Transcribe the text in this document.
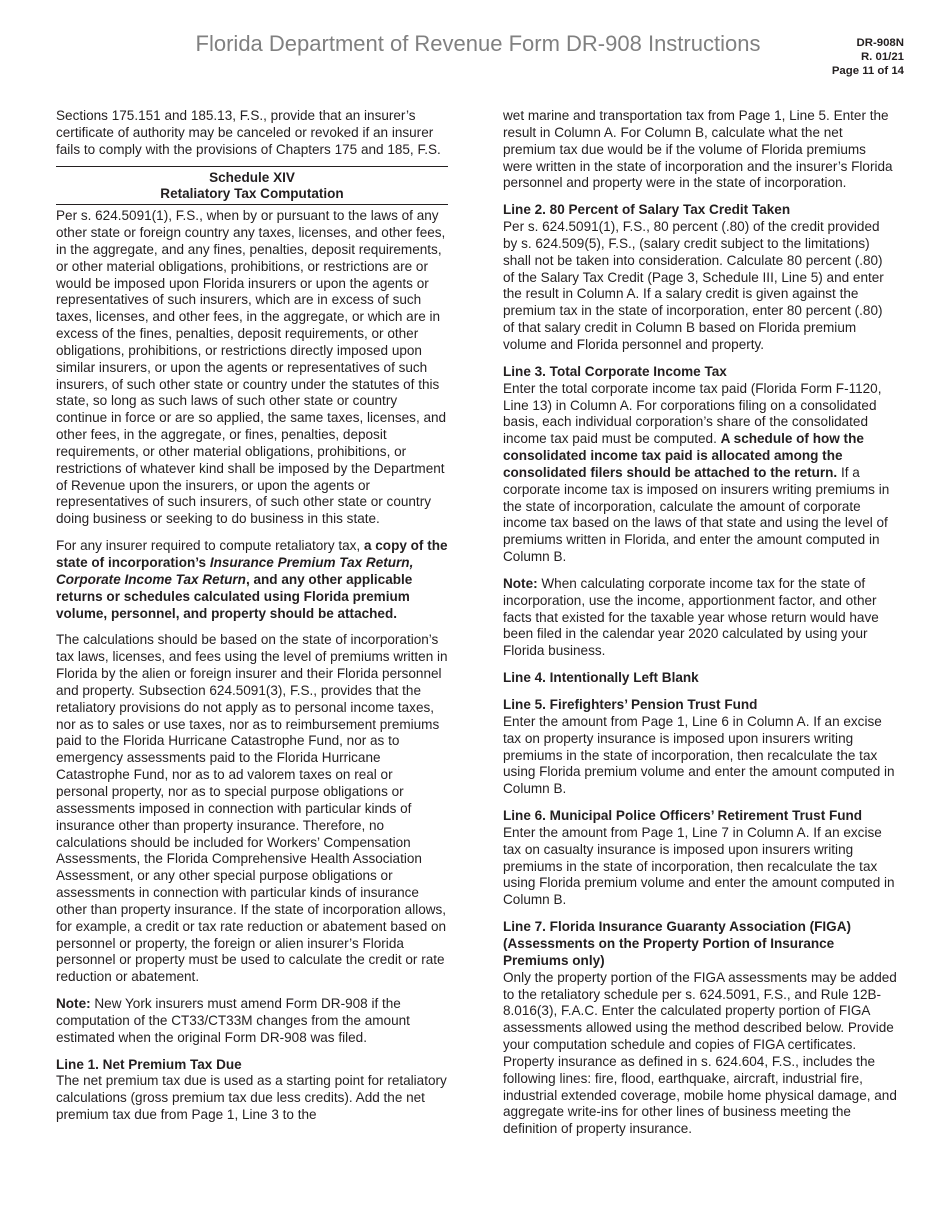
Florida Department of Revenue Form DR-908 Instructions	DR-908N
R. 01/21
Page 11 of 14

Sections 175.151 and 185.13, F.S., provide that an insurer’s certificate of authority may be canceled or revoked if an insurer fails to comply with the provisions of Chapters 175 and 185, F.S.

Schedule XIV
Retaliatory Tax Computation

Per s. 624.5091(1), F.S., when by or pursuant to the laws of any other state or foreign country any taxes, licenses, and other fees, in the aggregate, and any fines, penalties, deposit requirements, or other material obligations, prohibitions, or restrictions are or would be imposed upon Florida insurers or upon the agents or representatives of such insurers, which are in excess of such taxes, licenses, and other fees, in the aggregate, or which are in excess of the fines, penalties, deposit requirements, or other obligations, prohibitions, or restrictions directly imposed upon similar insurers, or upon the agents or representatives of such insurers, of such other state or country under the statutes of this state, so long as such laws of such other state or country continue in force or are so applied, the same taxes, licenses, and other fees, in the aggregate, or fines, penalties, deposit requirements, or other material obligations, prohibitions, or restrictions of whatever kind shall be imposed by the Department of Revenue upon the insurers, or upon the agents or representatives of such insurers, of such other state or country doing business or seeking to do business in this state.

For any insurer required to compute retaliatory tax, a copy of the state of incorporation’s Insurance Premium Tax Return, Corporate Income Tax Return, and any other applicable returns or schedules calculated using Florida premium volume, personnel, and property should be attached.

The calculations should be based on the state of incorporation’s tax laws, licenses, and fees using the level of premiums written in Florida by the alien or foreign insurer and their Florida personnel and property. Subsection 624.5091(3), F.S., provides that the retaliatory provisions do not apply as to personal income taxes, nor as to sales or use taxes, nor as to reimbursement premiums paid to the Florida Hurricane Catastrophe Fund, nor as to emergency assessments paid to the Florida Hurricane Catastrophe Fund, nor as to ad valorem taxes on real or personal property, nor as to special purpose obligations or assessments imposed in connection with particular kinds of insurance other than property insurance. Therefore, no calculations should be included for Workers’ Compensation Assessments, the Florida Comprehensive Health Association Assessment, or any other special purpose obligations or assessments in connection with particular kinds of insurance other than property insurance. If the state of incorporation allows, for example, a credit or tax rate reduction or abatement based on personnel or property, the foreign or alien insurer’s Florida personnel or property must be used to calculate the credit or rate reduction or abatement.

Note: New York insurers must amend Form DR-908 if the computation of the CT33/CT33M changes from the amount estimated when the original Form DR-908 was filed.

Line 1. Net Premium Tax Due

The net premium tax due is used as a starting point for retaliatory calculations (gross premium tax due less credits). Add the net premium tax due from Page 1, Line 3 to the

wet marine and transportation tax from Page 1, Line 5. Enter the result in Column A. For Column B, calculate what the net premium tax due would be if the volume of Florida premiums were written in the state of incorporation and the insurer’s Florida personnel and property were in the state of incorporation.

Line 2. 80 Percent of Salary Tax Credit Taken

Per s. 624.5091(1), F.S., 80 percent (.80) of the credit provided by s. 624.509(5), F.S., (salary credit subject to the limitations) shall not be taken into consideration. Calculate 80 percent (.80) of the Salary Tax Credit (Page 3, Schedule III, Line 5) and enter the result in Column A. If a salary credit is given against the premium tax in the state of incorporation, enter 80 percent (.80) of that salary credit in Column B based on Florida premium volume and Florida personnel and property.

Line 3. Total Corporate Income Tax

Enter the total corporate income tax paid (Florida Form F-1120, Line 13) in Column A. For corporations filing on a consolidated basis, each individual corporation’s share of the consolidated income tax paid must be computed. A schedule of how the consolidated income tax paid is allocated among the consolidated filers should be attached to the return. If a corporate income tax is imposed on insurers writing premiums in the state of incorporation, calculate the amount of corporate income tax based on the laws of that state and using the level of premiums written in Florida, and enter the amount computed in Column B.

Note: When calculating corporate income tax for the state of incorporation, use the income, apportionment factor, and other facts that existed for the taxable year whose return would have been filed in the calendar year 2020 calculated by using your Florida business.

Line 4. Intentionally Left Blank

Line 5. Firefighters’ Pension Trust Fund

Enter the amount from Page 1, Line 6 in Column A. If an excise tax on property insurance is imposed upon insurers writing premiums in the state of incorporation, then recalculate the tax using Florida premium volume and enter the amount computed in Column B.

Line 6. Municipal Police Officers’ Retirement Trust Fund

Enter the amount from Page 1, Line 7 in Column A. If an excise tax on casualty insurance is imposed upon insurers writing premiums in the state of incorporation, then recalculate the tax using Florida premium volume and enter the amount computed in Column B.

Line 7. Florida Insurance Guaranty Association (FIGA) (Assessments on the Property Portion of Insurance Premiums only)

Only the property portion of the FIGA assessments may be added to the retaliatory schedule per s. 624.5091, F.S., and Rule 12B-8.016(3), F.A.C. Enter the calculated property portion of FIGA assessments allowed using the method described below. Provide your computation schedule and copies of FIGA certificates. Property insurance as defined in s. 624.604, F.S., includes the following lines: fire, flood, earthquake, aircraft, industrial fire, industrial extended coverage, mobile home physical damage, and aggregate write-ins for other lines of business meeting the definition of property insurance.
